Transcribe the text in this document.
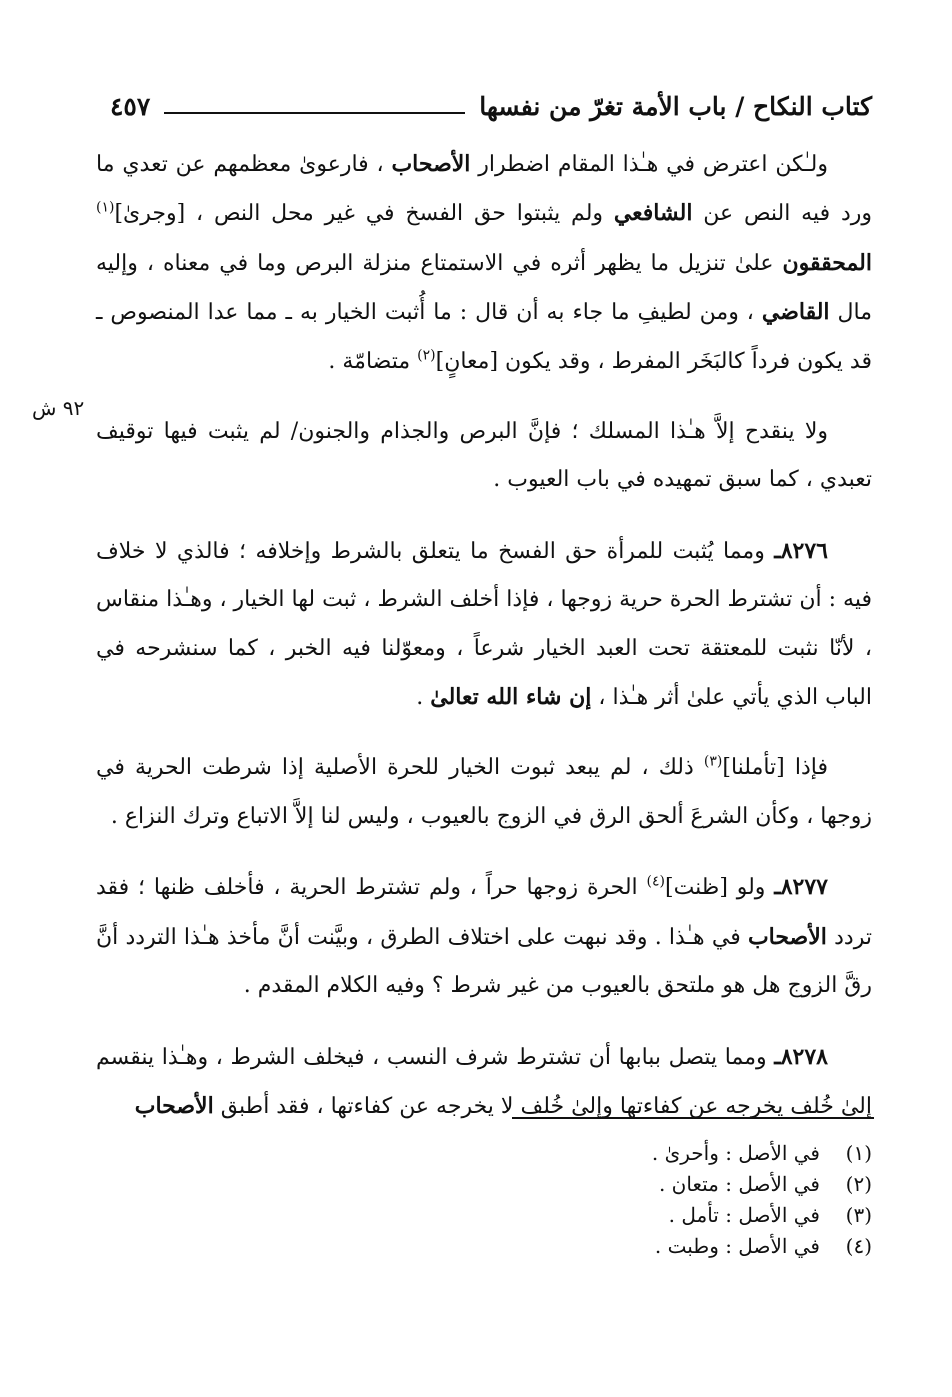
كتاب النكاح / باب الأمة تغرّ من نفسها
٤٥٧
٩٢ ش

ولـٰكن اعترض في هـٰذا المقام اضطرار الأصحاب ، فارعوىٰ معظمهم عن تعدي ما ورد فيه النص عن الشافعي ولم يثبتوا حق الفسخ في غير محل النص ، [وجرىٰ]$^{(١)}$ المحققون علىٰ تنزيل ما يظهر أثره في الاستمتاع منزلة البرص وما في معناه ، وإليه مال القاضي ، ومن لطيفِ ما جاء به أن قال : ما أُثبت الخيار به ـ مما عدا المنصوص ـ قد يكون فرداً كالبَخَر المفرط ، وقد يكون [معانٍ]$^{(٢)}$ متضامّة .

ولا ينقدح إلاَّ هـٰذا المسلك ؛ فإنَّ البرص والجذام والجنون/ لم يثبت فيها توقيف تعبدي ، كما سبق تمهيده في باب العيوب .

٨٢٧٦ـ ومما يُثبت للمرأة حق الفسخ ما يتعلق بالشرط وإخلافه ؛ فالذي لا خلاف فيه : أن تشترط الحرة حرية زوجها ، فإذا أخلف الشرط ، ثبت لها الخيار ، وهـٰذا منقاس ، لأنّا نثبت للمعتقة تحت العبد الخيار شرعاً ، ومعوّلنا فيه الخبر ، كما سنشرحه في الباب الذي يأتي علىٰ أثر هـٰذا ، إن شاء الله تعالىٰ .

فإذا [تأملنا]$^{(٣)}$ ذلك ، لم يبعد ثبوت الخيار للحرة الأصلية إذا شرطت الحرية في زوجها ، وكأن الشرعَ ألحق الرق في الزوج بالعيوب ، وليس لنا إلاَّ الاتباع وترك النزاع .

٨٢٧٧ـ ولو [ظنت]$^{(٤)}$ الحرة زوجها حراً ، ولم تشترط الحرية ، فأخلف ظنها ؛ فقد تردد الأصحاب في هـٰذا . وقد نبهت على اختلاف الطرق ، وبيَّنت أنَّ مأخذ هـٰذا التردد أنَّ رقَّ الزوج هل هو ملتحق بالعيوب من غير شرط ؟ وفيه الكلام المقدم .

٨٢٧٨ـ ومما يتصل ببابها أن تشترط شرف النسب ، فيخلف الشرط ، وهـٰذا ينقسم إلىٰ خُلف يخرجه عن كفاءتها وإلىٰ خُلف لا يخرجه عن كفاءتها ، فقد أطبق الأصحاب

(١)في الأصل : وأحرىٰ .
(٢)في الأصل : متعان .
(٣)في الأصل : تأمل .
(٤)في الأصل : وطبت .
